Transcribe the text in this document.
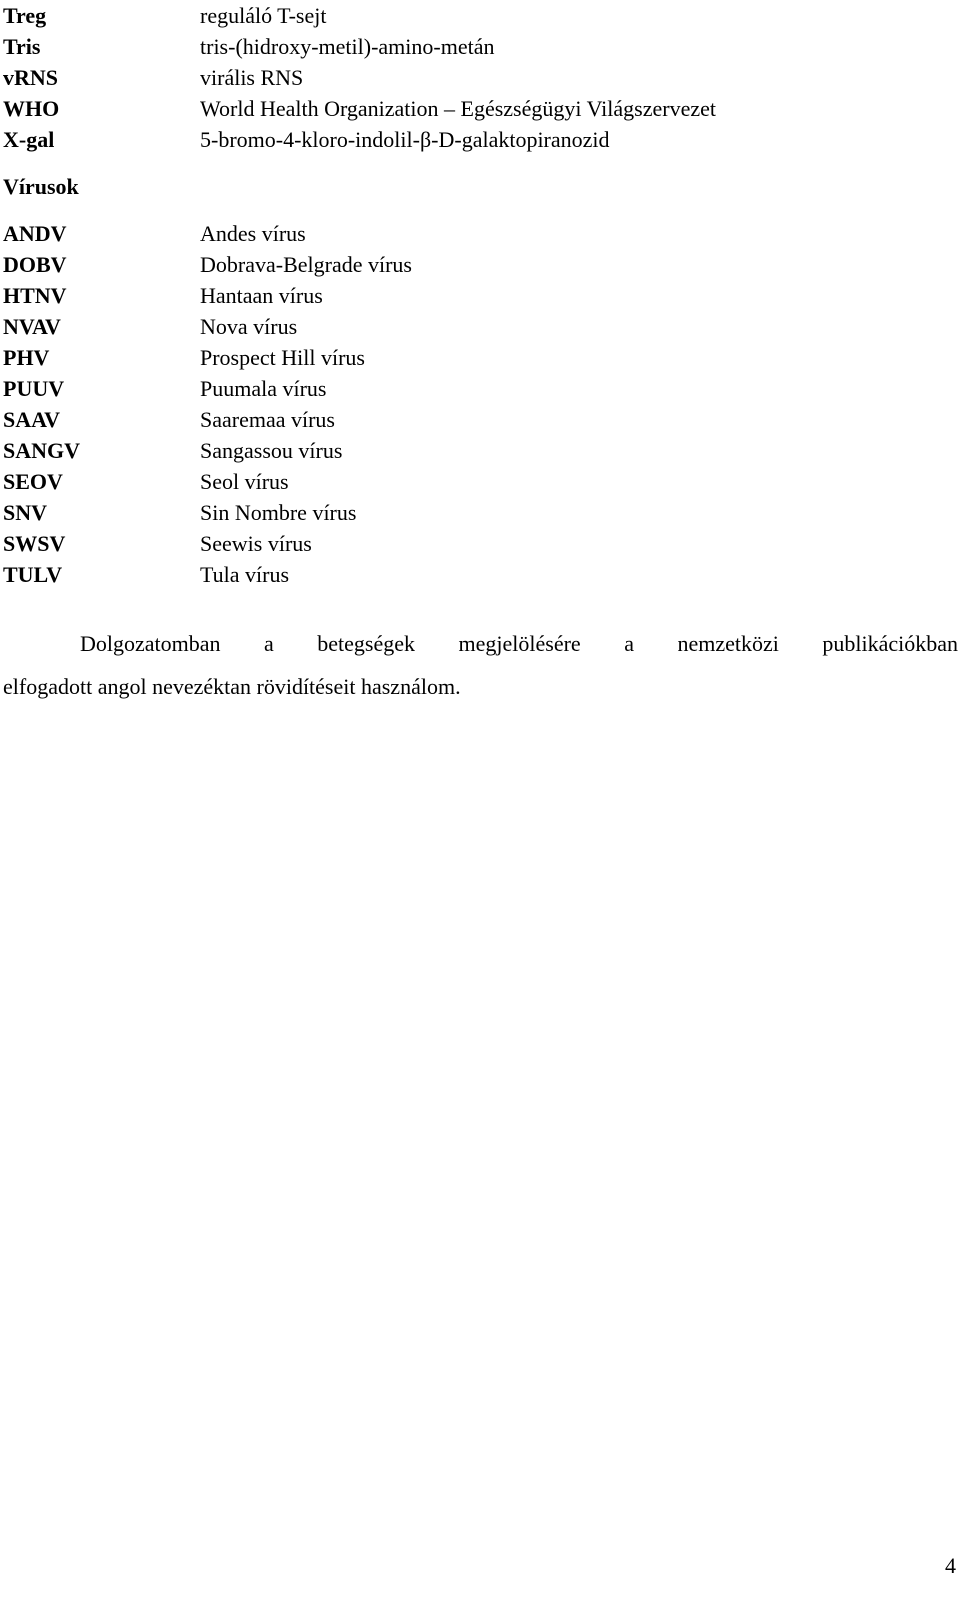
Treg	reguláló T-sejt
Tris	tris-(hidroxy-metil)-amino-metán
vRNS	virális RNS
WHO	World Health Organization – Egészségügyi Világszervezet
X-gal	5-bromo-4-kloro-indolil-β-D-galaktopiranozid
Vírusok
ANDV	Andes vírus
DOBV	Dobrava-Belgrade vírus
HTNV	Hantaan vírus
NVAV	Nova vírus
PHV	Prospect Hill vírus
PUUV	Puumala vírus
SAAV	Saaremaa vírus
SANGV	Sangassou vírus
SEOV	Seol vírus
SNV	Sin Nombre vírus
SWSV	Seewis vírus
TULV	Tula vírus
Dolgozatomban a betegségek megjelölésére a nemzetközi publikációkban
elfogadott angol nevezéktan rövidítéseit használom.
4
